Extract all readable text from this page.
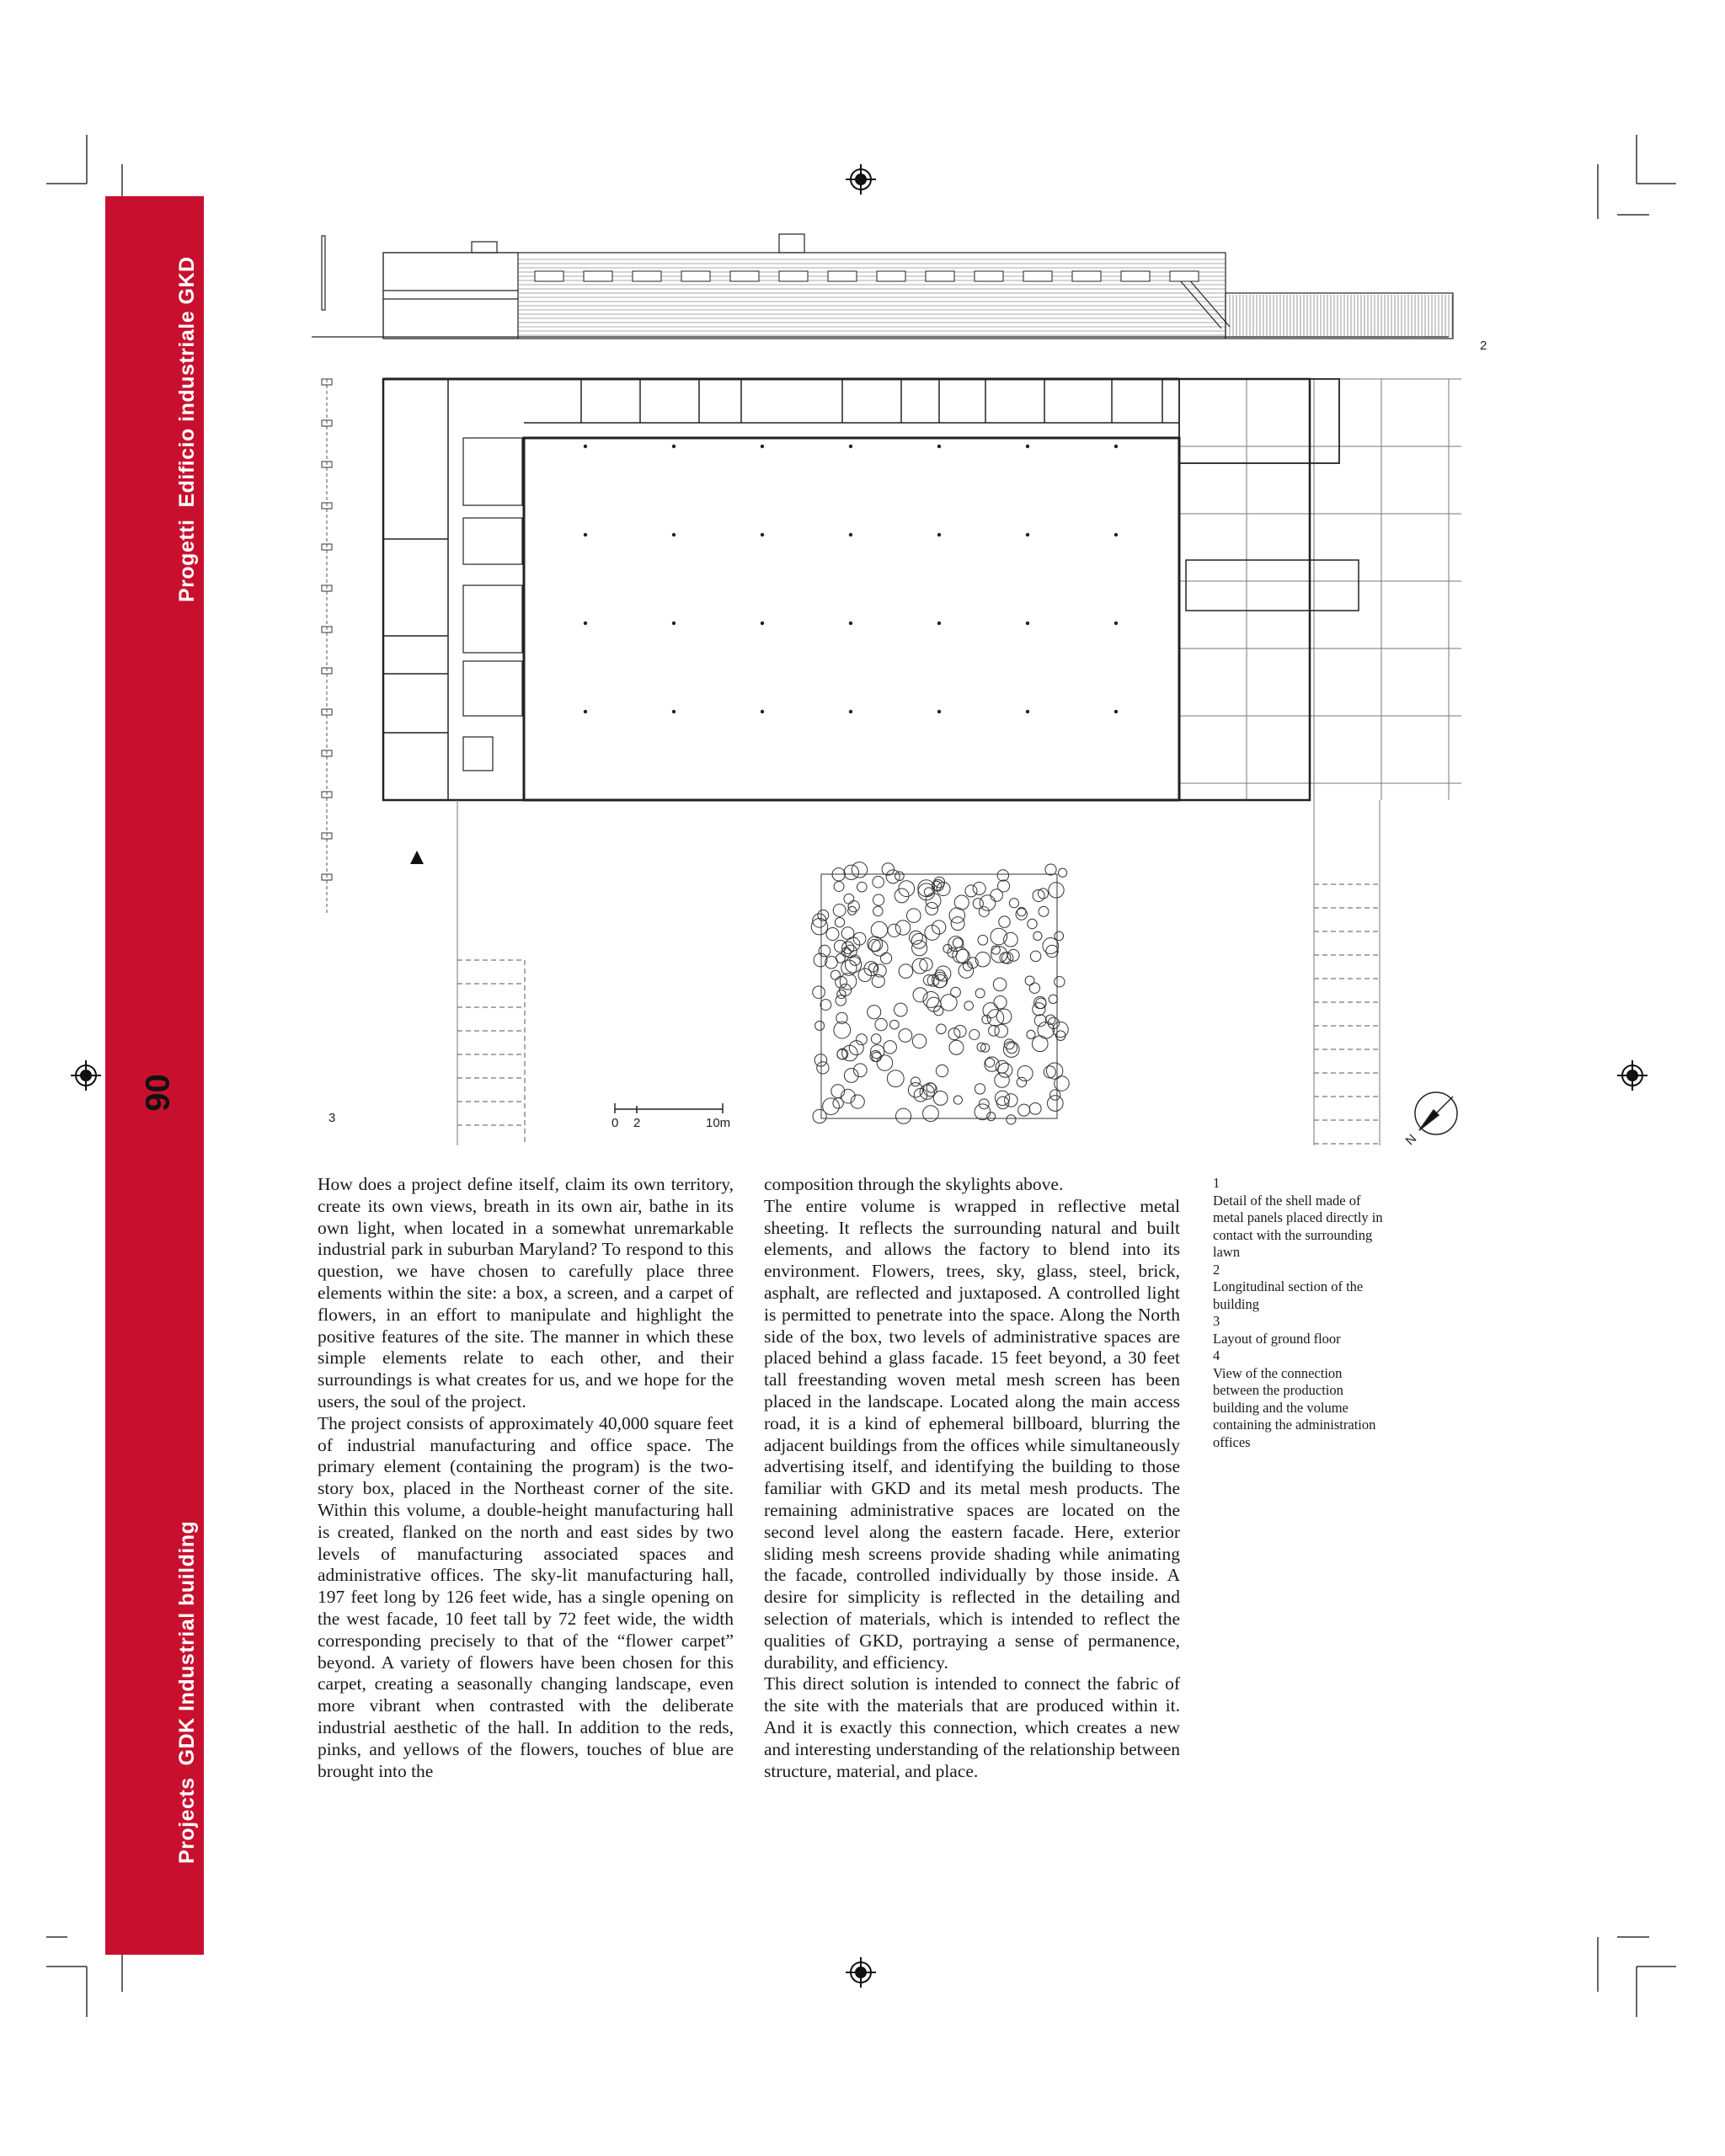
ProgettiEdificio industriale GKD
ProjectsGDK Industrial building
90
2
3	0 2	10m
N

How does a project define itself, claim its own territory, create its own views, breath in its own air, bathe in its own light, when located in a somewhat unremarkable industrial park in suburban Maryland? To respond to this question, we have chosen to carefully place three elements within the site: a box, a screen, and a carpet of flowers, in an effort to manipulate and highlight the positive features of the site. The manner in which these simple elements relate to each other, and their surroundings is what creates for us, and we hope for the users, the soul of the project.

The project consists of approximately 40,000 square feet of industrial manufacturing and office space. The primary element (containing the program) is the two-story box, placed in the Northeast corner of the site. Within this volume, a double-height manufacturing hall is created, flanked on the north and east sides by two levels of manufacturing associated spaces and administrative offices. The sky-lit manufacturing hall, 197 feet long by 126 feet wide, has a single opening on the west facade, 10 feet tall by 72 feet wide, the width corresponding precisely to that of the “flower carpet” beyond. A variety of flowers have been chosen for this carpet, creating a seasonally changing landscape, even more vibrant when contrasted with the deliberate industrial aesthetic of the hall. In addition to the reds, pinks, and yellows of the flowers, touches of blue are brought into the

composition through the skylights above.

The entire volume is wrapped in reflective metal sheeting. It reflects the surrounding natural and built elements, and allows the factory to blend into its environment. Flowers, trees, sky, glass, steel, brick, asphalt, are reflected and juxtaposed. A controlled light is permitted to penetrate into the space. Along the North side of the box, two levels of administrative spaces are placed behind a glass facade. 15 feet beyond, a 30 feet tall freestanding woven metal mesh screen has been placed in the landscape. Located along the main access road, it is a kind of ephemeral billboard, blurring the adjacent buildings from the offices while simultaneously advertising itself, and identifying the building to those familiar with GKD and its metal mesh products. The remaining administrative spaces are located on the second level along the eastern facade. Here, exterior sliding mesh screens provide shading while animating the facade, controlled individually by those inside. A desire for simplicity is reflected in the detailing and selection of materials, which is intended to reflect the qualities of GKD, portraying a sense of permanence, durability, and efficiency.

This direct solution is intended to connect the fabric of the site with the materials that are produced within it. And it is exactly this connection, which creates a new and interesting understanding of the relationship between structure, material, and place.

1
Detail of the shell made of metal panels placed directly in contact with the surrounding lawn
2
Longitudinal section of the building
3
Layout of ground floor
4
View of the connection between the production building and the volume containing the administration offices
